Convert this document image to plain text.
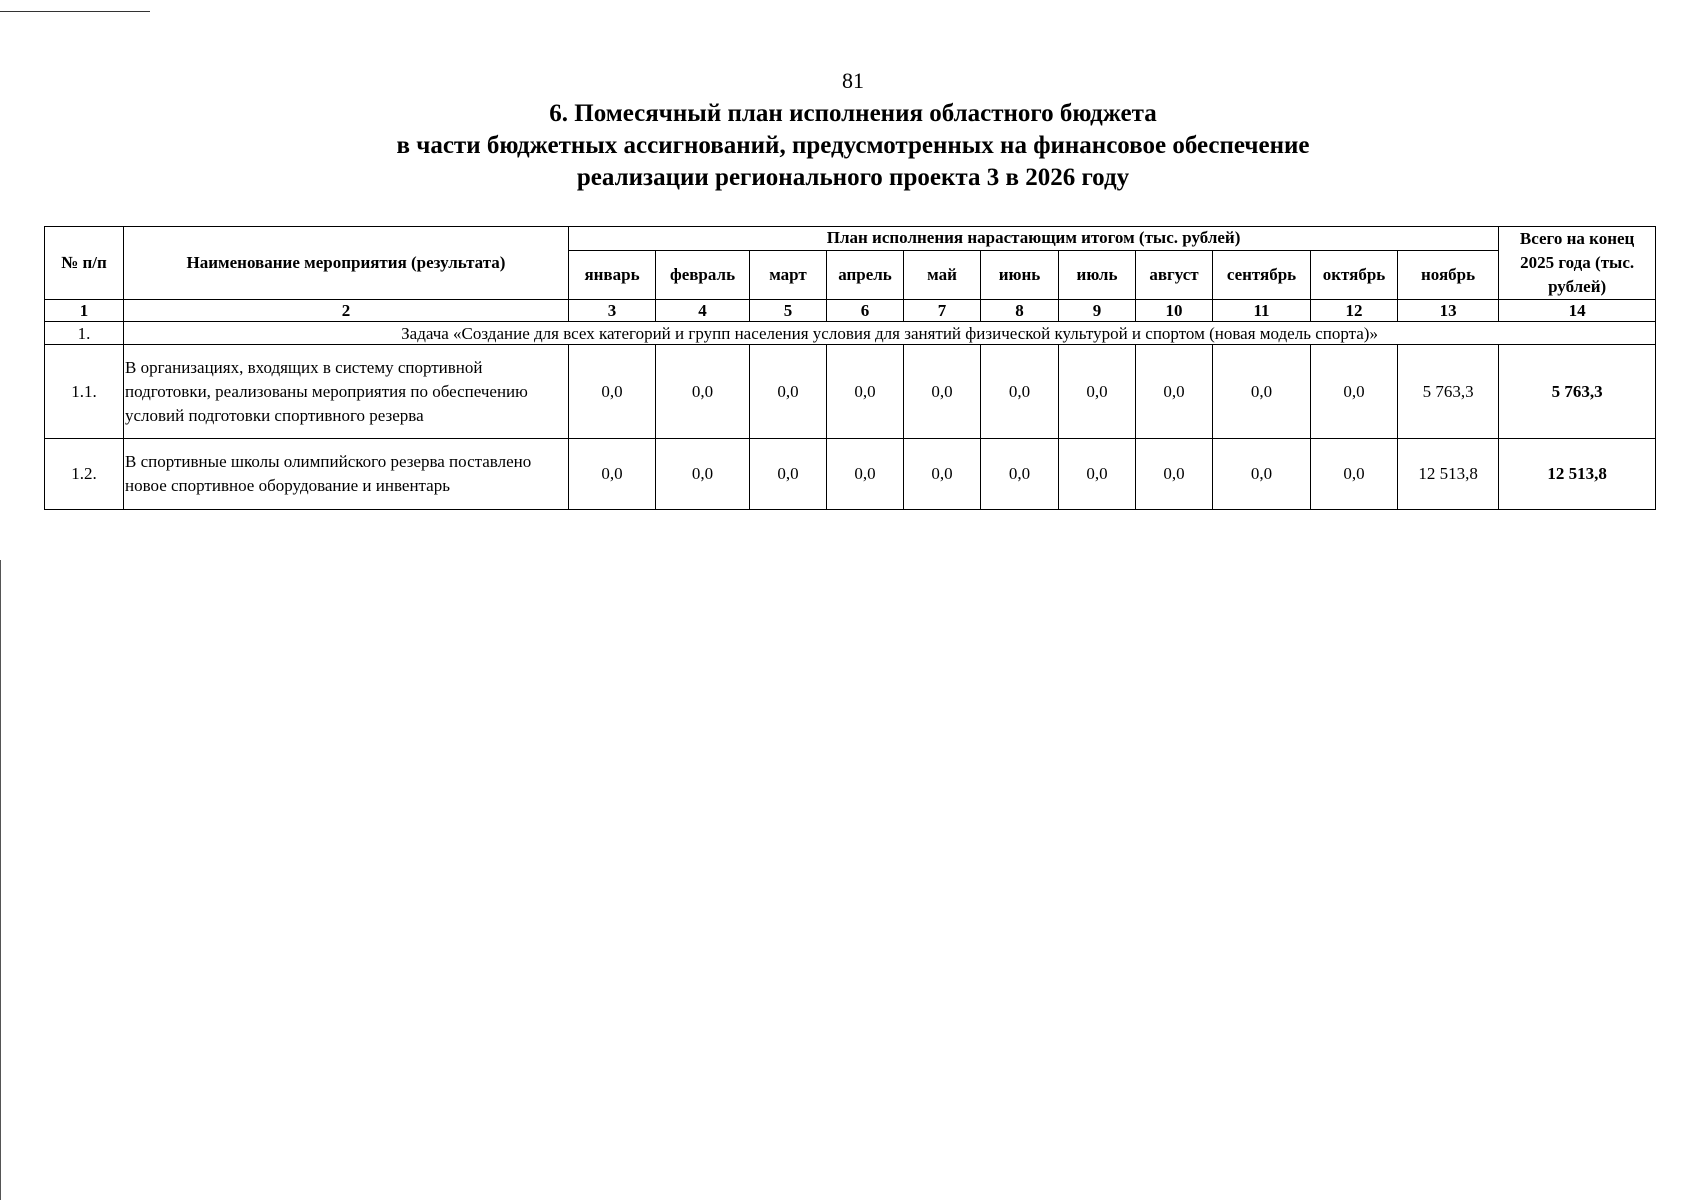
81
6. Помесячный план исполнения областного бюджета
в части бюджетных ассигнований, предусмотренных на финансовое обеспечение
реализации регионального проекта 3 в 2026 году
№ п/п	Наименование мероприятия (результата)	План исполнения нарастающим итогом (тыс. рублей)											Всего на конец 2025 года (тыс. рублей)
		январь	февраль	март	апрель	май	июнь	июль	август	сентябрь	октябрь	ноябрь	
1	2	3	4	5	6	7	8	9	10	11	12	13	14
1.	Задача «Создание для всех категорий и групп населения условия для занятий физической культурой и спортом (новая модель спорта)»												
1.1.	В организациях, входящих в систему спортивной подготовки, реализованы мероприятия по обеспечению условий подготовки спортивного резерва	0,0	0,0	0,0	0,0	0,0	0,0	0,0	0,0	0,0	0,0	5 763,3	5 763,3
1.2.	В спортивные школы олимпийского резерва поставлено новое спортивное оборудование и инвентарь	0,0	0,0	0,0	0,0	0,0	0,0	0,0	0,0	0,0	0,0	12 513,8	12 513,8
